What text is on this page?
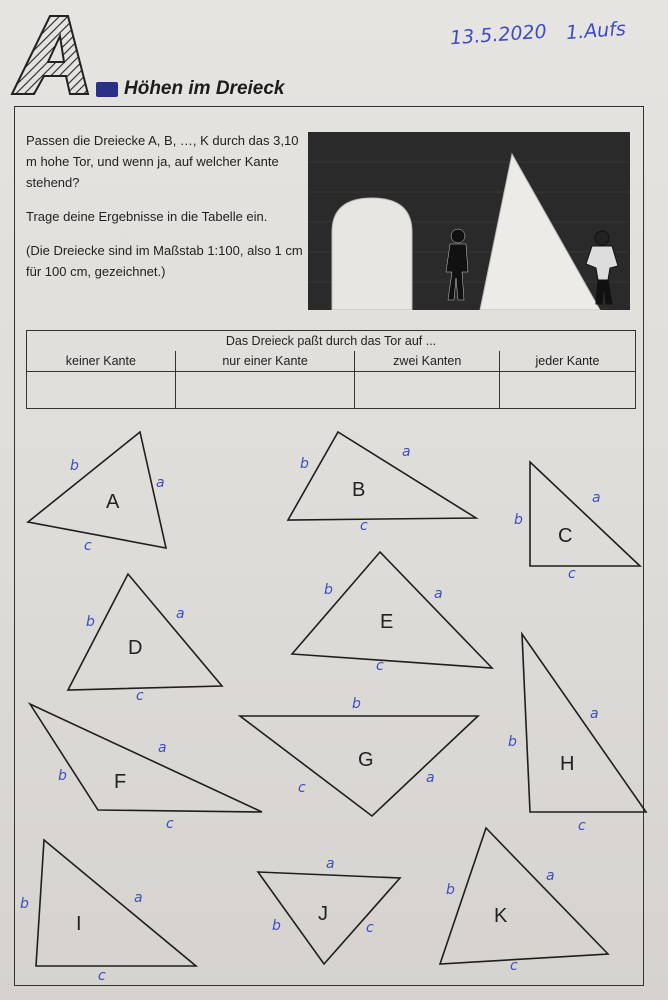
Höhen im Dreieck
13.5.2020 1.Aufs

Passen die Dreiecke A, B, …, K durch das 3,10 m hohe Tor, und wenn ja, auf welcher Kante stehend?

Trage deine Ergebnisse in die Tabelle ein.

(Die Dreiecke sind im Maßstab 1:100, also 1 cm für 100 cm, gezeichnet.)

Das Dreieck paßt durch das Tor auf ...			
keiner Kante	nur einer Kante	zwei Kanten	jeder Kante

A
a
b
c
B
a
b
c	C
a
b
c
D
a
b
c
E
a
b
c
F
a
b
c
G
a
b
c
H
a
b
c
I
a
b
c
J
a
b	c
K
a
b
c
